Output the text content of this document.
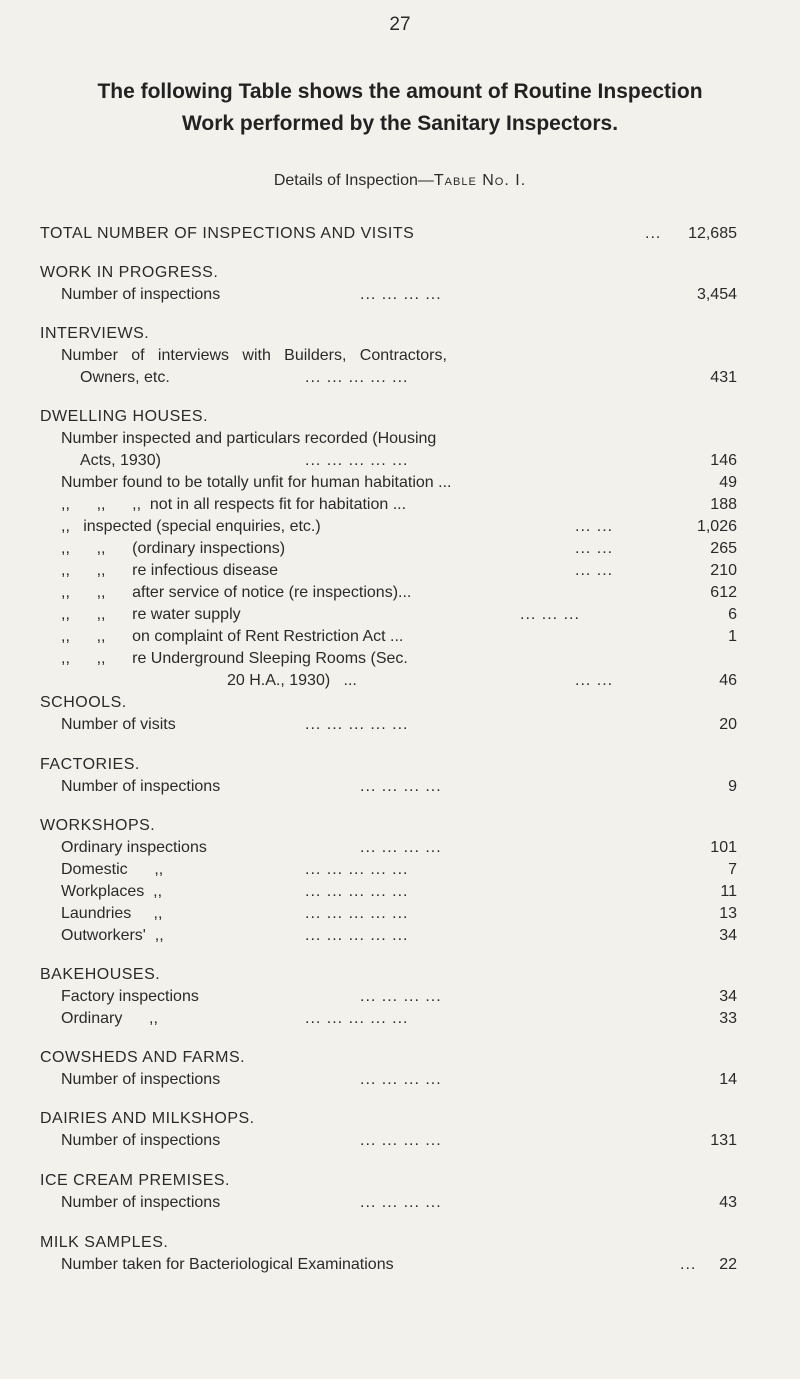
27
The following Table shows the amount of Routine Inspection
Work performed by the Sanitary Inspectors.
Details of Inspection—Table No. I.
TOTAL NUMBER OF INSPECTIONS AND VISITS	... 12,685
WORK IN PROGRESS.
Number of inspections	... ... ... ...	3,454
INTERVIEWS.
Number   of   interviews   with   Builders,   Contractors,
Owners, etc.	... ... ... ... ...	431
DWELLING HOUSES.
Number inspected and particulars recorded (Housing
Acts, 1930)	... ... ... ... ...	146
Number found to be totally unfit for human habitation ...	49
,,      ,,      ,,  not in all respects fit for habitation ...	188
,,   inspected (special enquiries, etc.)	... ...	1,026
,,      ,,      (ordinary inspections)	... ...	265
,,      ,,      re infectious disease	... ...	210
,,      ,,      after service of notice (re inspections)...	612
,,      ,,      re water supply	... ... ...	6
,,      ,,      on complaint of Rent Restriction Act ...	1
,,      ,,      re Underground Sleeping Rooms (Sec.
20 H.A., 1930)   ...	... ...	46
SCHOOLS.
Number of visits	... ... ... ... ...	20
FACTORIES.
Number of inspections	... ... ... ...	9
WORKSHOPS.
Ordinary inspections	... ... ... ...	101
Domestic      ,,	... ... ... ... ...	7
Workplaces  ,,	... ... ... ... ...	11
Laundries     ,,	... ... ... ... ...	13
Outworkers'  ,,	... ... ... ... ...	34
BAKEHOUSES.
Factory inspections	... ... ... ...	34
Ordinary      ,,	... ... ... ... ...	33
COWSHEDS AND FARMS.
Number of inspections	... ... ... ...	14
DAIRIES AND MILKSHOPS.
Number of inspections	... ... ... ...	131
ICE CREAM PREMISES.
Number of inspections	... ... ... ...	43
MILK SAMPLES.
Number taken for Bacteriological Examinations	... 22
